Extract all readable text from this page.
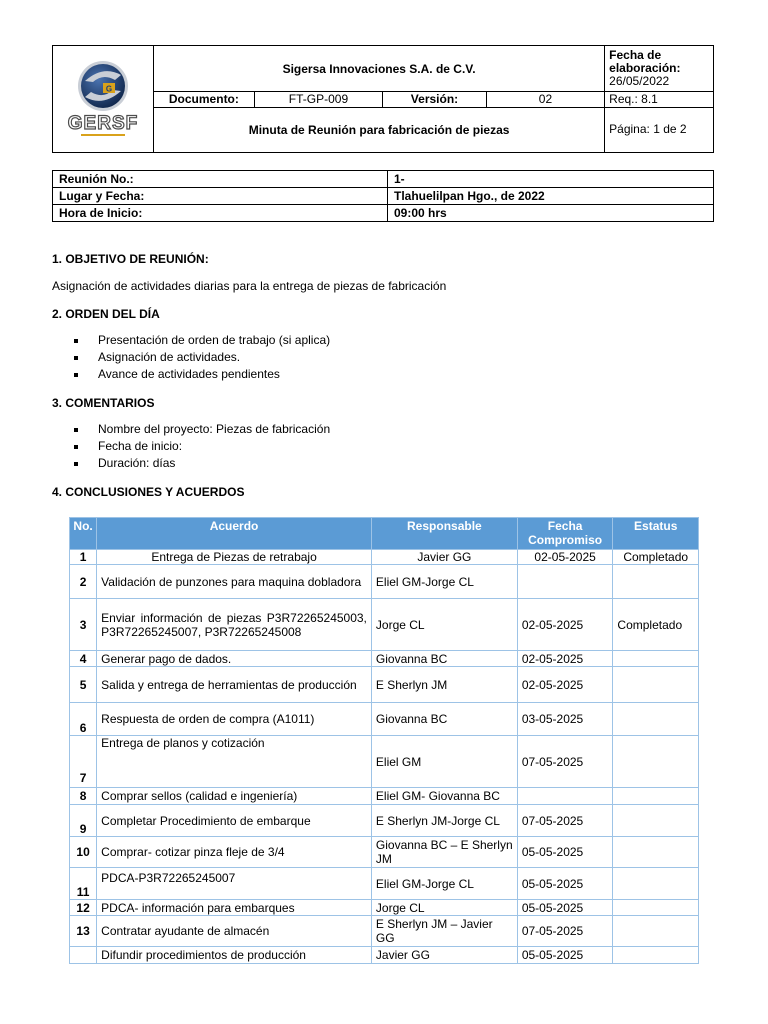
G
GERSF	Sigersa Innovaciones S.A. de C.V.				Fecha de elaboración:
26/05/2022

	Documento:	FT-GP-009	Versión:	02	Req.: 8.1
	Minuta de Reunión para fabricación de piezas				Página: 1 de 2
Reunión No.:	1-
Lugar y Fecha:	Tlahuelilpan Hgo., de 2022
Hora de Inicio:	09:00 hrs

1. OBJETIVO DE REUNIÓN:

Asignación de actividades diarias para la entrega de piezas de fabricación

2. ORDEN DEL DÍA

Presentación de orden de trabajo (si aplica)
Asignación de actividades.
Avance de actividades pendientes

3. COMENTARIOS

Nombre del proyecto: Piezas de fabricación
Fecha de inicio:
Duración: días

4. CONCLUSIONES Y ACUERDOS

No.	Acuerdo	Responsable	Fecha Compromiso	Estatus
1	Entrega de Piezas de retrabajo	Javier GG	02-05-2025	Completado
2	Validación de punzones para maquina dobladora	Eliel GM-Jorge CL		
3	Enviar información de piezas P3R72265245003, P3R72265245007, P3R72265245008	Jorge CL	02-05-2025	Completado
4	Generar pago de dados.	Giovanna BC	02-05-2025	
5	Salida y entrega de herramientas de producción	E Sherlyn JM	02-05-2025	
6	Respuesta de orden de compra (A1011)	Giovanna BC	03-05-2025	
7	Entrega de planos y cotización	Eliel GM	07-05-2025	
8	Comprar sellos (calidad e ingeniería)	Eliel GM- Giovanna BC		
9	Completar Procedimiento de embarque	E Sherlyn JM-Jorge CL	07-05-2025	
10	Comprar- cotizar pinza fleje de 3/4	Giovanna BC – E Sherlyn JM	05-05-2025	
11	PDCA-P3R72265245007	Eliel GM-Jorge CL	05-05-2025	
12	PDCA- información para embarques	Jorge CL	05-05-2025	
13	Contratar ayudante de almacén	E Sherlyn JM – Javier GG	07-05-2025	
	Difundir procedimientos de producción	Javier GG	05-05-2025	
